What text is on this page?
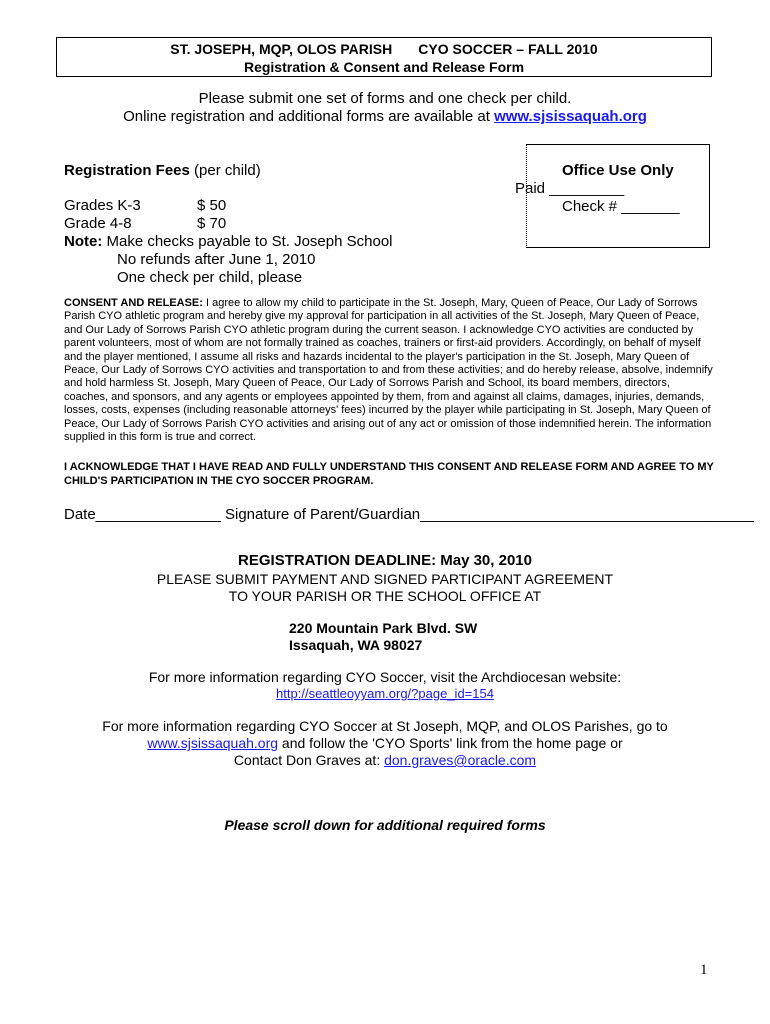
ST. JOSEPH, MQP, OLOS PARISH CYO SOCCER – FALL 2010
Registration & Consent and Release Form
Please submit one set of forms and one check per child.
Online registration and additional forms are available at www.sjsissaquah.org
Registration Fees (per child)
Grades K-3	$ 50
Grade 4-8	$ 70
Note: Make checks payable to St. Joseph School
No refunds after June 1, 2010
One check per child, please
Office Use Only
Paid _________
Check # _______
CONSENT AND RELEASE: I agree to allow my child to participate in the St. Joseph, Mary, Queen of Peace, Our Lady of Sorrows Parish CYO athletic program and hereby give my approval for participation in all activities of the St. Joseph, Mary Queen of Peace, and Our Lady of Sorrows Parish CYO athletic program during the current season. I acknowledge CYO activities are conducted by parent volunteers, most of whom are not formally trained as coaches, trainers or first-aid providers. Accordingly, on behalf of myself and the player mentioned, I assume all risks and hazards incidental to the player's participation in the St. Joseph, Mary Queen of Peace, Our Lady of Sorrows CYO activities and transportation to and from these activities; and do hereby release, absolve, indemnify and hold harmless St. Joseph, Mary Queen of Peace, Our Lady of Sorrows Parish and School, its board members, directors, coaches, and sponsors, and any agents or employees appointed by them, from and against all claims, damages, injuries, demands, losses, costs, expenses (including reasonable attorneys' fees) incurred by the player while participating in St. Joseph, Mary Queen of Peace, Our Lady of Sorrows Parish CYO activities and arising out of any act or omission of those indemnified herein. The information supplied in this form is true and correct.
I ACKNOWLEDGE THAT I HAVE READ AND FULLY UNDERSTAND THIS CONSENT AND RELEASE FORM AND AGREE TO MY CHILD'S PARTICIPATION IN THE CYO SOCCER PROGRAM.
Date_______________ Signature of Parent/Guardian________________________________________
REGISTRATION DEADLINE: May 30, 2010
PLEASE SUBMIT PAYMENT AND SIGNED PARTICIPANT AGREEMENT
TO YOUR PARISH OR THE SCHOOL OFFICE AT
220 Mountain Park Blvd. SW
Issaquah, WA 98027
For more information regarding CYO Soccer, visit the Archdiocesan website:
http://seattleoyyam.org/?page_id=154
For more information regarding CYO Soccer at St Joseph, MQP, and OLOS Parishes, go to
www.sjsissaquah.org and follow the 'CYO Sports' link from the home page or
Contact Don Graves at: don.graves@oracle.com
Please scroll down for additional required forms
1
